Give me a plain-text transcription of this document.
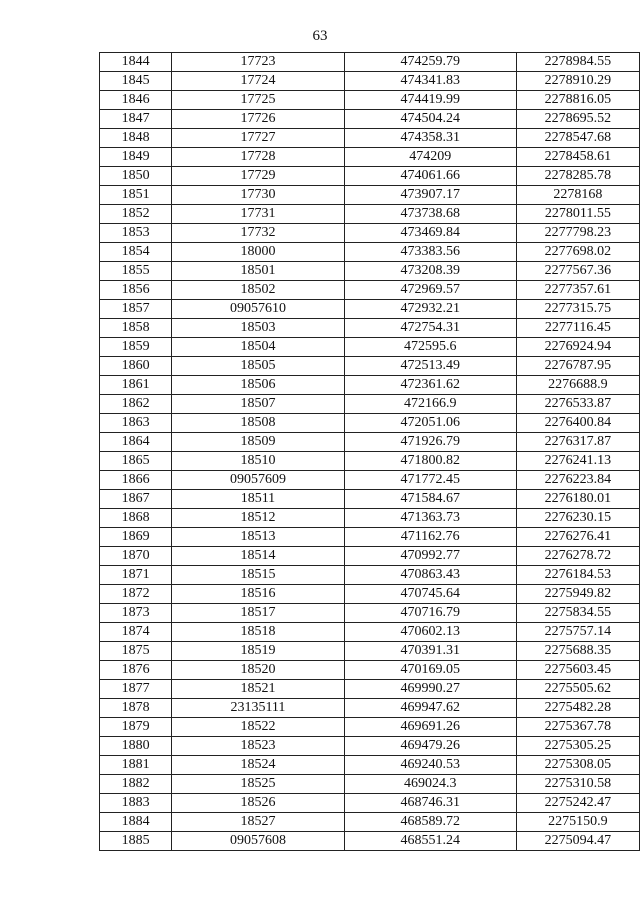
63
1844	17723	474259.79	2278984.55
1845	17724	474341.83	2278910.29
1846	17725	474419.99	2278816.05
1847	17726	474504.24	2278695.52
1848	17727	474358.31	2278547.68
1849	17728	474209	2278458.61
1850	17729	474061.66	2278285.78
1851	17730	473907.17	2278168
1852	17731	473738.68	2278011.55
1853	17732	473469.84	2277798.23
1854	18000	473383.56	2277698.02
1855	18501	473208.39	2277567.36
1856	18502	472969.57	2277357.61
1857	09057610	472932.21	2277315.75
1858	18503	472754.31	2277116.45
1859	18504	472595.6	2276924.94
1860	18505	472513.49	2276787.95
1861	18506	472361.62	2276688.9
1862	18507	472166.9	2276533.87
1863	18508	472051.06	2276400.84
1864	18509	471926.79	2276317.87
1865	18510	471800.82	2276241.13
1866	09057609	471772.45	2276223.84
1867	18511	471584.67	2276180.01
1868	18512	471363.73	2276230.15
1869	18513	471162.76	2276276.41
1870	18514	470992.77	2276278.72
1871	18515	470863.43	2276184.53
1872	18516	470745.64	2275949.82
1873	18517	470716.79	2275834.55
1874	18518	470602.13	2275757.14
1875	18519	470391.31	2275688.35
1876	18520	470169.05	2275603.45
1877	18521	469990.27	2275505.62
1878	23135111	469947.62	2275482.28
1879	18522	469691.26	2275367.78
1880	18523	469479.26	2275305.25
1881	18524	469240.53	2275308.05
1882	18525	469024.3	2275310.58
1883	18526	468746.31	2275242.47
1884	18527	468589.72	2275150.9
1885	09057608	468551.24	2275094.47
